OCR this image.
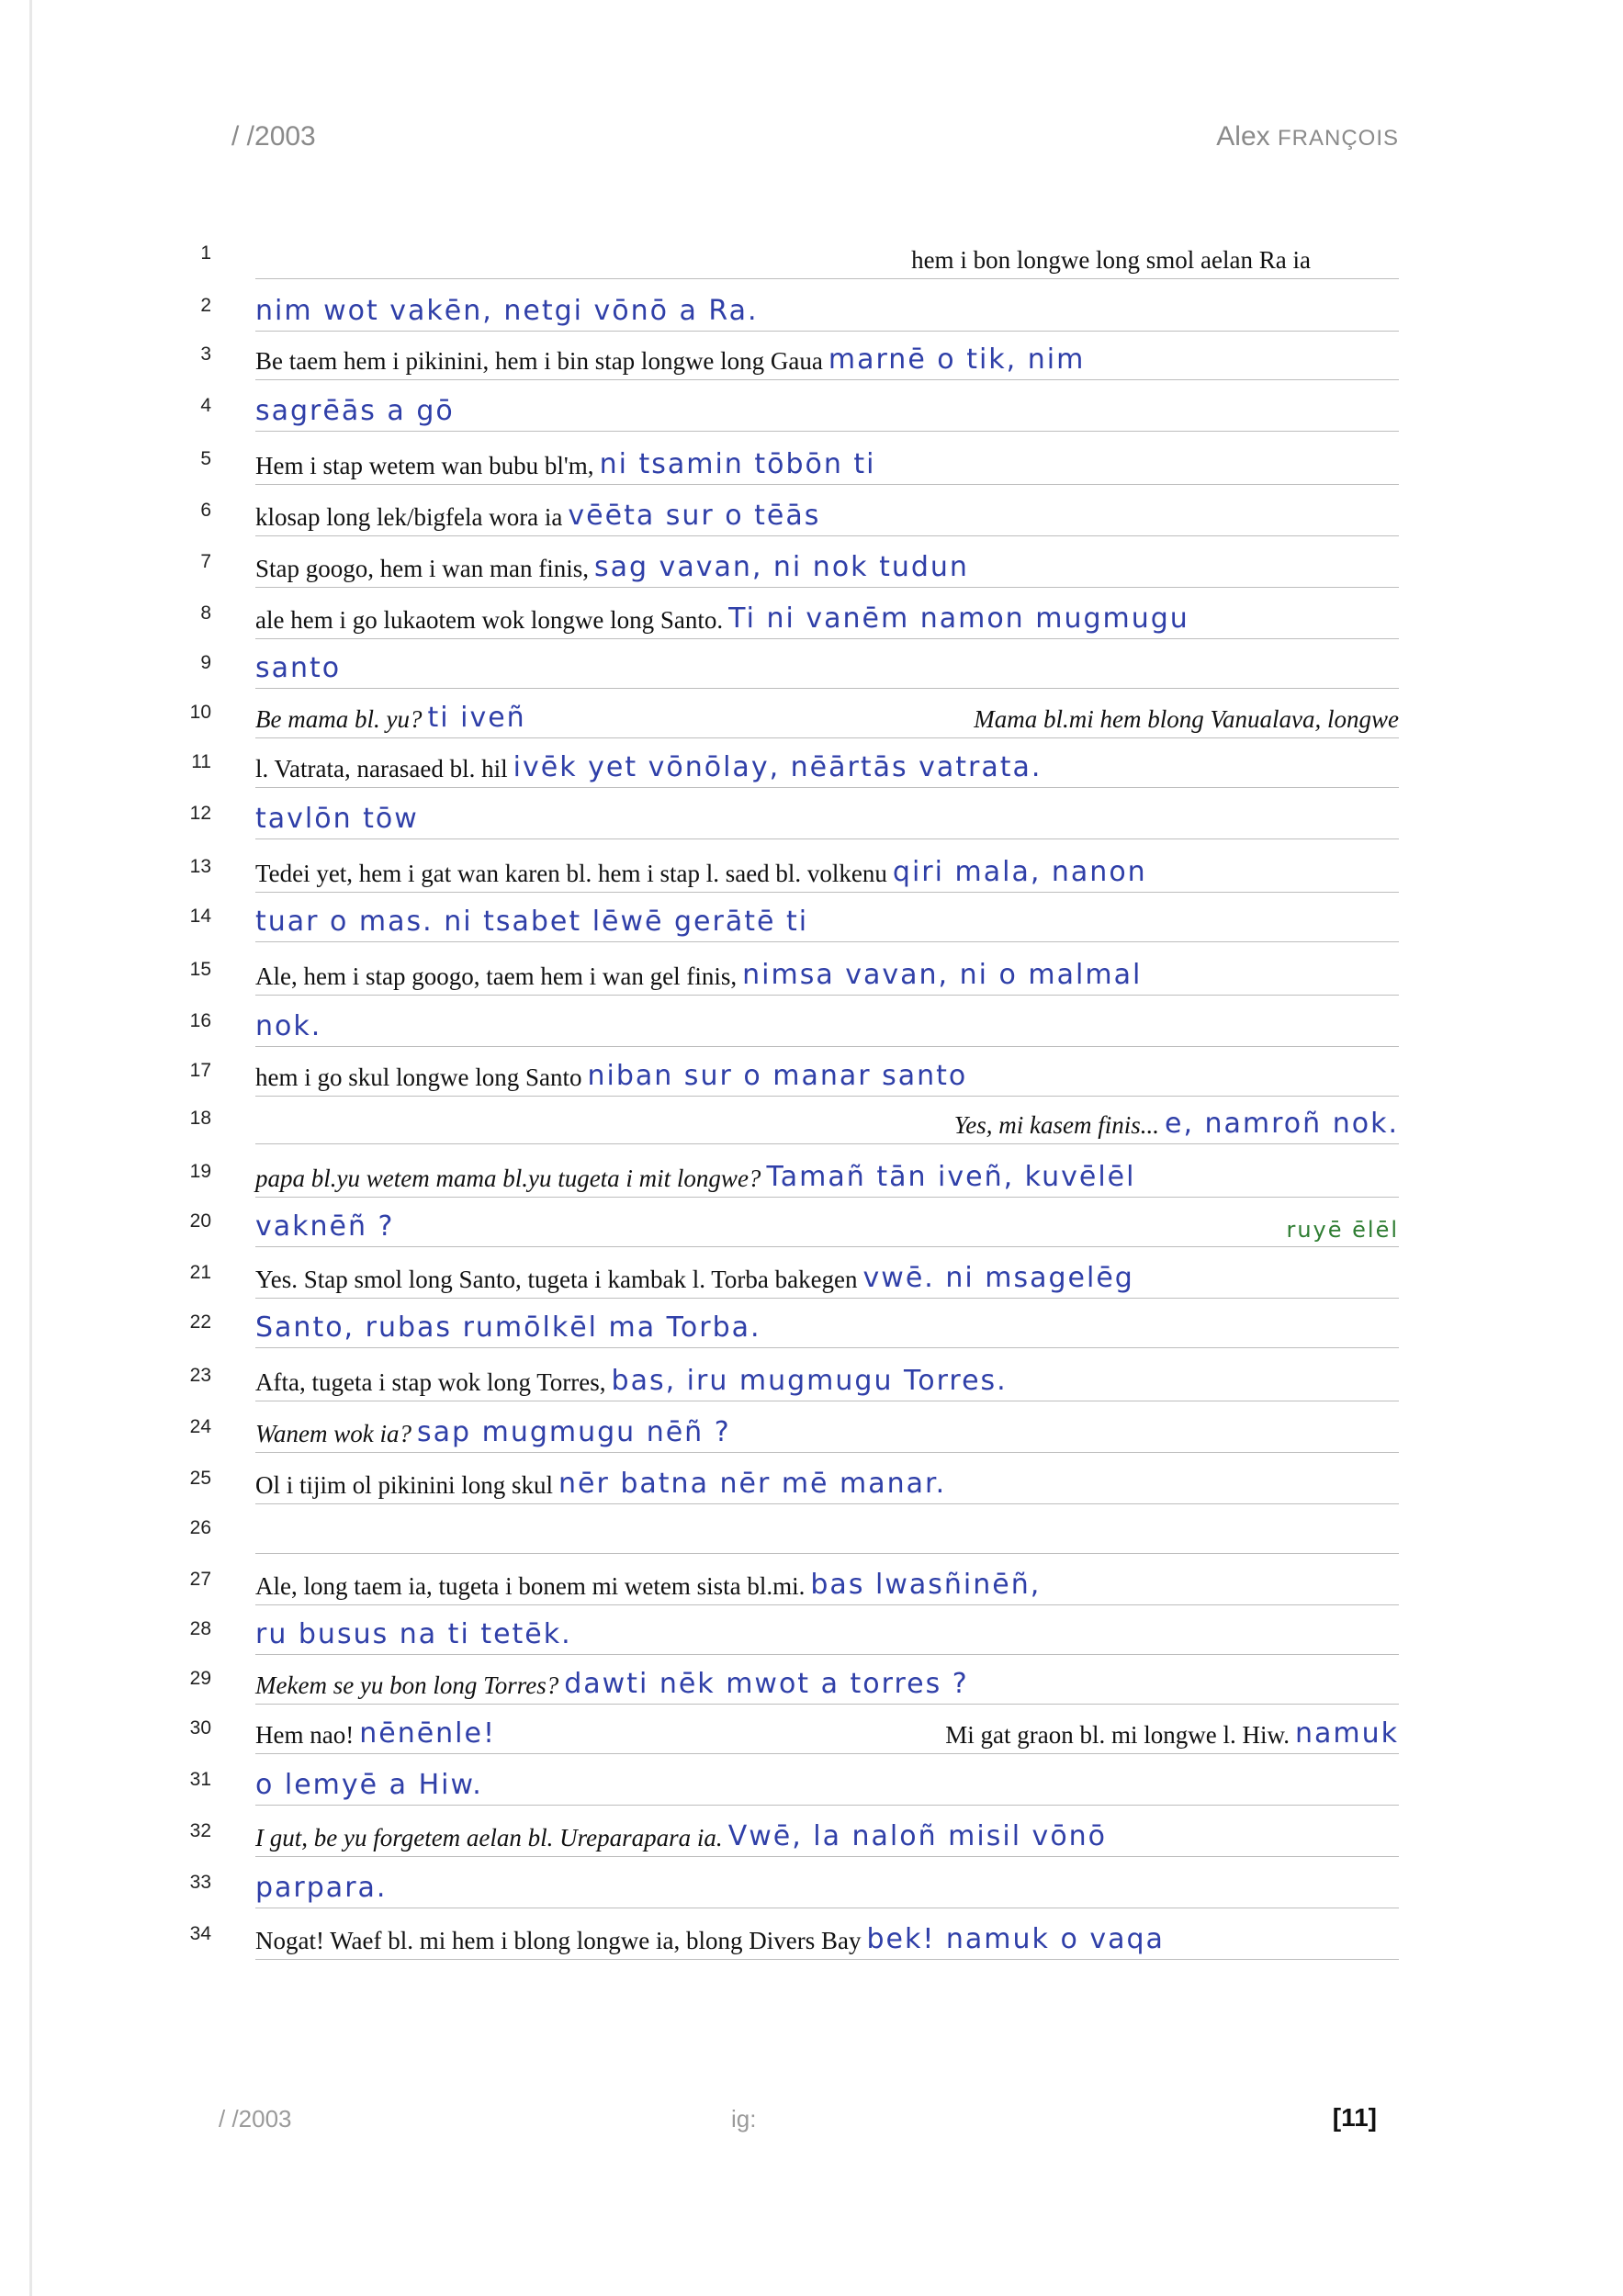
/ /2003	Alex FRANÇOIS
1	hem i bon longwe long smol aelan Ra ia
2 nim wot vakēn, netgi vōnō a Ra.
3 Be taem hem i pikinini, hem i bin stap longwe long Gaua marnē o tik, nim
4 sagrēās a gō
5 Hem i stap wetem wan bubu bl'm, ni tsamin tōbōn ti
6 klosap long lek/bigfela wora ia vēēta sur o tēās
7 Stap googo, hem i wan man finis, sag vavan, ni nok tudun
8 ale hem i go lukaotem wok longwe long Santo. Ti ni vanēm namon mugmugu
9 santo
10 Be mama bl. yu? ti iveñ	Mama bl.mi hem blong Vanualava, longwe
11 l. Vatrata, narasaed bl. hil ivēk yet vōnōlay, nēārtās vatrata.
12 tavlōn tōw
13 Tedei yet, hem i gat wan karen bl. hem i stap l. saed bl. volkenu qiri mala, nanon
14 tuar o mas. ni tsabet lēwē gerātē ti
15 Ale, hem i stap googo, taem hem i wan gel finis, nimsa vavan, ni o malmal
16 nok.
17 hem i go skul longwe long Santo niban sur o manar santo
18	Yes, mi kasem finis... e, namroñ nok.
19 papa bl.yu wetem mama bl.yu tugeta i mit longwe? Tamañ tān iveñ, kuvēlēl
20 vaknēñ ?	ruyē ēlēl
21 Yes. Stap smol long Santo, tugeta i kambak l. Torba bakegen vwē. ni msagelēg
22 Santo, rubas rumōlkēl ma Torba.
23 Afta, tugeta i stap wok long Torres, bas, iru mugmugu Torres.
24 Wanem wok ia? sap mugmugu nēñ ?
25 Ol i tijim ol pikinini long skul nēr batna nēr mē manar.
26
27 Ale, long taem ia, tugeta i bonem mi wetem sista bl.mi. bas lwasñinēñ,
28 ru busus na ti tetēk.
29 Mekem se yu bon long Torres? dawti nēk mwot a torres ?
30 Hem nao! nēnēnle!	Mi gat graon bl. mi longwe l. Hiw. namuk
31 o lemyē a Hiw.
32 I gut, be yu forgetem aelan bl. Ureparapara ia. Vwē, la naloñ misil vōnō
33 parpara.
34 Nogat! Waef bl. mi hem i blong longwe ia, blong Divers Bay bek! namuk o vaqa
/ /2003	ig:	[11]
